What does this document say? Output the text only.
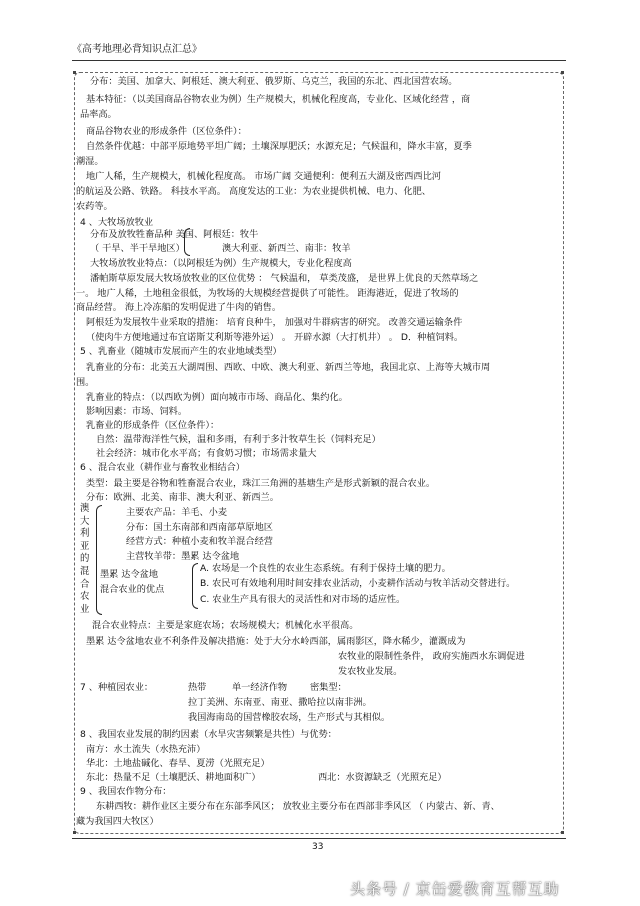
《高考地理必背知识点汇总》
分布：美国、加拿大、阿根廷、澳大利亚、俄罗斯、乌克兰，我国的东北、西北国营农场。
基本特征：（以美国商品谷物农业为例）生产规模大，机械化程度高，专业化、区域化经营 ，商
品率高。
商品谷物农业的形成条件（区位条件）：
自然条件优越：中部平原地势平坦广阔；土壤深厚肥沃；水源充足；气候温和，降水丰富，夏季
潮湿。
地广人稀，生产规模大，机械化程度高。 市场广阔 交通便利：便利五大湖及密西西比河
的航运及公路、铁路。 科技水平高。 高度发达的工业：为农业提供机械、电力、化肥、
农药等。
4 、大牧场放牧业
分布及放牧牲畜品种 美国、阿根廷：牧牛
（ 干旱、半干旱地区）	澳大利亚、新西兰、南非：牧羊
大牧场放牧业特点：（以阿根廷为例）生产规模大，专业化程度高
潘帕斯草原发展大牧场放牧业的区位优势 ： 气候温和， 草类茂盛， 是世界上优良的天然草场之
一。 地广人稀，土地租金很低，为牧场的大规模经营提供了可能性。 距海港近，促进了牧场的
商品经营。 海上冷冻船的发明促进了牛肉的销售。
阿根廷为发展牧牛业采取的措施： 培育良种牛， 加强对牛群病害的研究。 改善交通运输条件
（使肉牛方便地通过布宜诺斯艾利斯等港外运） 。 开辟水源（大打机井） 。 D．种植饲料。
5 、乳畜业（随城市发展而产生的农业地域类型）
乳畜业的分布：北美五大湖周围、西欧、中欧、澳大利亚、新西兰等地，我国北京、上海等大城市周
围。
乳畜业的特点：（以西欧为例）面向城市市场、商品化、集约化。
影响因素：市场、饲料。
乳畜业的形成条件（区位条件）：
自然：温带海洋性气候，温和多雨，有利于多汁牧草生长（饲料充足）
社会经济：城市化水平高；有食奶习惯；市场需求量大
6 、混合农业（耕作业与畜牧业相结合）
类型：最主要是谷物和牲畜混合农业，珠江三角洲的基塘生产是形式新颖的混合农业。
分布：欧洲、北美、南非、澳大利亚、新西兰。
澳
大
利
亚
的
混
合
农
业
主要农产品：羊毛、小麦
分布：国土东南部和西南部草原地区
经营方式：种植小麦和牧羊混合经营
主营牧羊带：墨累 达令盆地
墨累 达令盆地
混合农业的优点
A. 农场是一个良性的农业生态系统。有利于保持土壤的肥力。
B. 农民可有效地利用时间安排农业活动，小麦耕作活动与牧羊活动交替进行。
C. 农业生产具有很大的灵活性和对市场的适应性。
混合农业特点：主要是家庭农场；农场规模大；机械化水平很高。
墨累 达令盆地农业不利条件及解决措施：处于大分水岭西部，属雨影区，降水稀少，灌溉成为
农牧业的限制性条件， 政府实施西水东调促进
发农牧业发展。
7 、种植园农业：	热带	单一经济作物 密集型：
拉丁美洲、东南亚、南亚、撒哈拉以南非洲。
我国海南岛的国营橡胶农场，生产形式与其相似。
8 、我国农业发展的制约因素（水旱灾害频繁是共性）与优势：
南方：水土流失（水热充沛）
华北：土地盐碱化、春旱、夏涝（光照充足）
东北：热量不足（土壤肥沃、耕地面积广）	西北：水资源缺乏（光照充足）
9 、我国农作物分布：
东耕西牧：耕作业区主要分布在东部季风区； 放牧业主要分布在西部非季风区 （ 内蒙古、新、青、
藏为我国四大牧区）
33
头条号 / 京缶爱教育互帮互助
